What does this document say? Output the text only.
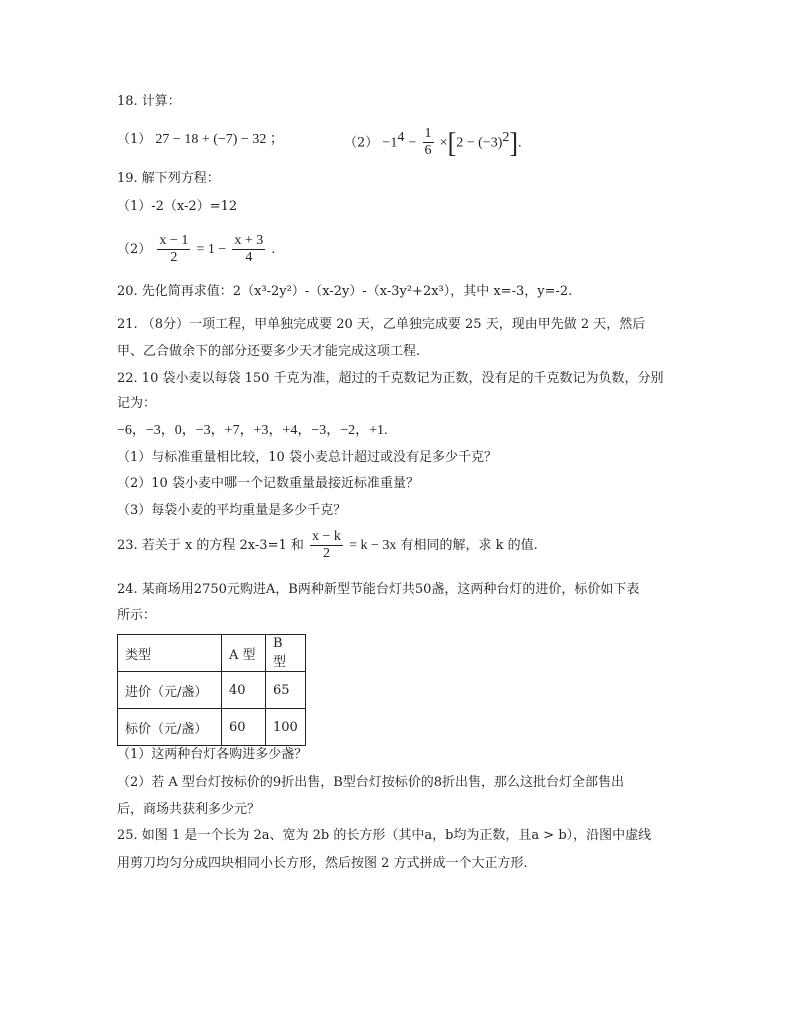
18. 计算：
（1） 27 − 18 + (−7) − 32 ；	$(2) -1^4 - \frac{1}{6} \times[2 - (-3)^2]$.
19. 解下列方程：
（1）-2（x-2）=12
$(2) \frac{x - 1}{2} = 1 - \frac{x + 3}{4}$ .
20. 先化简再求值：2（x³-2y²）-（x-2y）-（x-3y²+2x³），其中 x=-3，y=-2.
21. （8分）一项工程，甲单独完成要 20 天，乙单独完成要 25 天，现由甲先做 2 天，然后
甲、乙合做余下的部分还要多少天才能完成这项工程.
22. 10 袋小麦以每袋 150 千克为准，超过的千克数记为正数，没有足的千克数记为负数，分别
记为：
−6，−3，0，−3，+7，+3，+4，−3，−2，+1.
（1）与标准重量相比较，10 袋小麦总计超过或没有足多少千克？
（2）10 袋小麦中哪一个记数重量最接近标准重量？
（3）每袋小麦的平均重量是多少千克？
23. 若关于 x 的方程 2x-3=1 和 $\frac{x - k}{2} = k - 3x$ 有相同的解，求 k 的值.
24. 某商场用2750元购进A，B两种新型节能台灯共50盏，这两种台灯的进价，标价如下表
所示：
类型	A 型	B 型
进价（元/盏）	40	65
标价（元/盏）	60	100
（1）这两种台灯各购进多少盏？
（2）若 A 型台灯按标价的9折出售，B型台灯按标价的8折出售，那么这批台灯全部售出
后，商场共获利多少元？
25. 如图 1 是一个长为 2a、宽为 2b 的长方形（其中a，b均为正数，且a > b），沿图中虚线
用剪刀均匀分成四块相同小长方形，然后按图 2 方式拼成一个大正方形.
